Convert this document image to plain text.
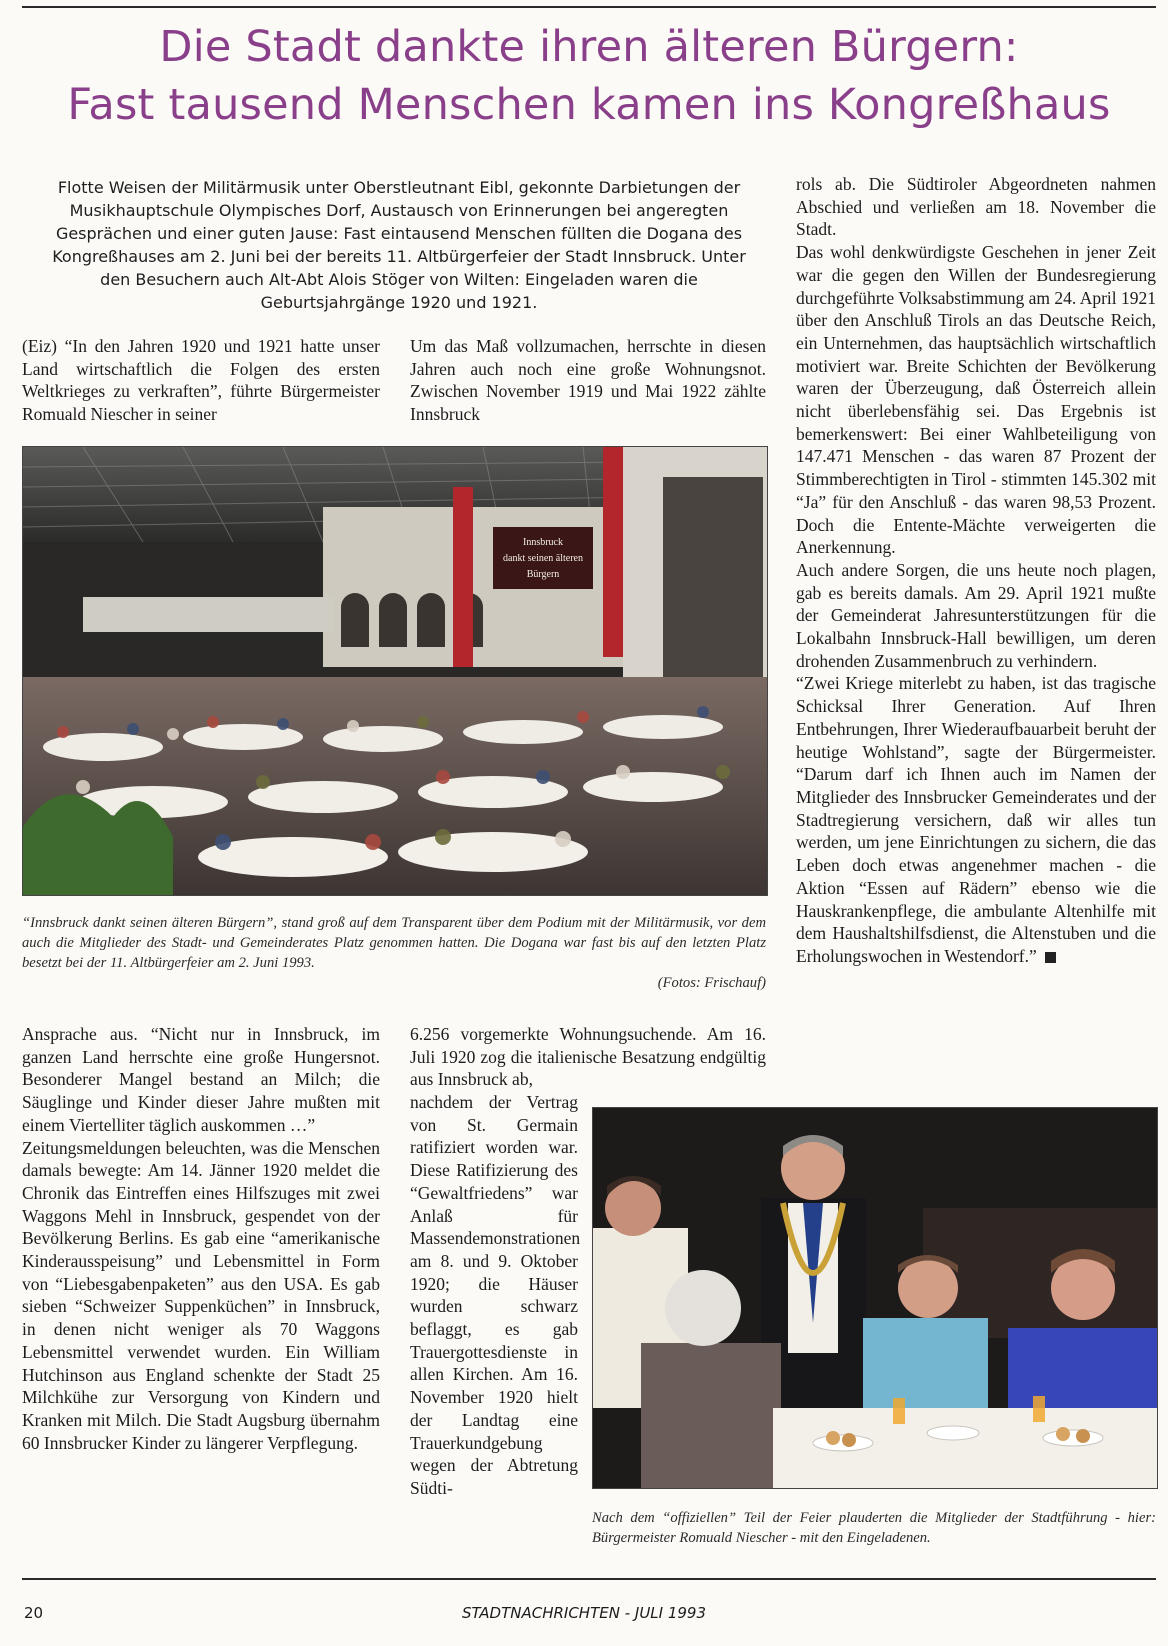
Die Stadt dankte ihren älteren Bürgern:
Fast tausend Menschen kamen ins Kongreßhaus

Flotte Weisen der Militärmusik unter Oberstleutnant Eibl, gekonnte Darbietungen der Musikhauptschule Olympisches Dorf, Austausch von Erinnerungen bei angeregten Gesprächen und einer guten Jause: Fast eintausend Menschen füllten die Dogana des Kongreßhauses am 2. Juni bei der bereits 11. Altbürgerfeier der Stadt Innsbruck. Unter den Besuchern auch Alt-Abt Alois Stöger von Wilten: Eingeladen waren die Geburtsjahrgänge 1920 und 1921.

(Eiz) “In den Jahren 1920 und 1921 hatte unser Land wirtschaftlich die Folgen des ersten Weltkrieges zu verkraften”, führte Bürgermeister Romuald Niescher in seiner

Um das Maß vollzumachen, herrschte in diesen Jahren auch noch eine große Wohnungsnot. Zwischen November 1919 und Mai 1922 zählte Innsbruck

Innsbruck
dankt seinen älteren
Bürgern

“Innsbruck dankt seinen älteren Bürgern”, stand groß auf dem Transparent über dem Podium mit der Militärmusik, vor dem auch die Mitglieder des Stadt- und Gemeinderates Platz genommen hatten. Die Dogana war fast bis auf den letzten Platz besetzt bei der 11. Altbürgerfeier am 2. Juni 1993.
(Fotos: Frischauf)

Ansprache aus. “Nicht nur in Innsbruck, im ganzen Land herrschte eine große Hungersnot. Besonderer Mangel bestand an Milch; die Säuglinge und Kinder dieser Jahre mußten mit einem Viertelliter täglich auskommen …”

Zeitungsmeldungen beleuchten, was die Menschen damals bewegte: Am 14. Jänner 1920 meldet die Chronik das Eintreffen eines Hilfszuges mit zwei Waggons Mehl in Innsbruck, gespendet von der Bevölkerung Berlins. Es gab eine “amerikanische Kinderausspeisung” und Lebensmittel in Form von “Liebesgabenpaketen” aus den USA. Es gab sieben “Schweizer Suppenküchen” in Innsbruck, in denen nicht weniger als 70 Waggons Lebensmittel verwendet wurden. Ein William Hutchinson aus England schenkte der Stadt 25 Milchkühe zur Versorgung von Kindern und Kranken mit Milch. Die Stadt Augsburg übernahm 60 Innsbrucker Kinder zu längerer Verpflegung.

6.256 vorgemerkte Wohnungsuchende. Am 16. Juli 1920 zog die italienische Besatzung endgültig aus Innsbruck ab,

nachdem der Vertrag von St. Germain ratifiziert worden war. Diese Ratifizierung des “Gewaltfriedens” war Anlaß für Massendemonstrationen am 8. und 9. Oktober 1920; die Häuser wurden schwarz beflaggt, es gab Trauergottesdienste in allen Kirchen. Am 16. November 1920 hielt der Landtag eine Trauerkundgebung wegen der Abtretung Südti-

rols ab. Die Südtiroler Abgeordneten nahmen Abschied und verließen am 18. November die Stadt.

Das wohl denkwürdigste Geschehen in jener Zeit war die gegen den Willen der Bundesregierung durchgeführte Volksabstimmung am 24. April 1921 über den Anschluß Tirols an das Deutsche Reich, ein Unternehmen, das hauptsächlich wirtschaftlich motiviert war. Breite Schichten der Bevölkerung waren der Überzeugung, daß Österreich allein nicht überlebensfähig sei. Das Ergebnis ist bemerkenswert: Bei einer Wahlbeteiligung von 147.471 Menschen - das waren 87 Prozent der Stimmberechtigten in Tirol - stimmten 145.302 mit “Ja” für den Anschluß - das waren 98,53 Prozent. Doch die Entente-Mächte verweigerten die Anerkennung.

Auch andere Sorgen, die uns heute noch plagen, gab es bereits damals. Am 29. April 1921 mußte der Gemeinderat Jahresunterstützungen für die Lokalbahn Innsbruck-Hall bewilligen, um deren drohenden Zusammenbruch zu verhindern.

“Zwei Kriege miterlebt zu haben, ist das tragische Schicksal Ihrer Generation. Auf Ihren Entbehrungen, Ihrer Wiederaufbauarbeit beruht der heutige Wohlstand”, sagte der Bürgermeister. “Darum darf ich Ihnen auch im Namen der Mitglieder des Innsbrucker Gemeinderates und der Stadtregierung versichern, daß wir alles tun werden, um jene Einrichtungen zu sichern, die das Leben doch etwas angenehmer machen - die Aktion “Essen auf Rädern” ebenso wie die Hauskrankenpflege, die ambulante Altenhilfe mit dem Haushaltshilfsdienst, die Altenstuben und die Erholungswochen in Westendorf.”

Nach dem “offiziellen” Teil der Feier plauderten die Mitglieder der Stadtführung - hier: Bürgermeister Romuald Niescher - mit den Eingeladenen.

20	STADTNACHRICHTEN - JULI 1993
